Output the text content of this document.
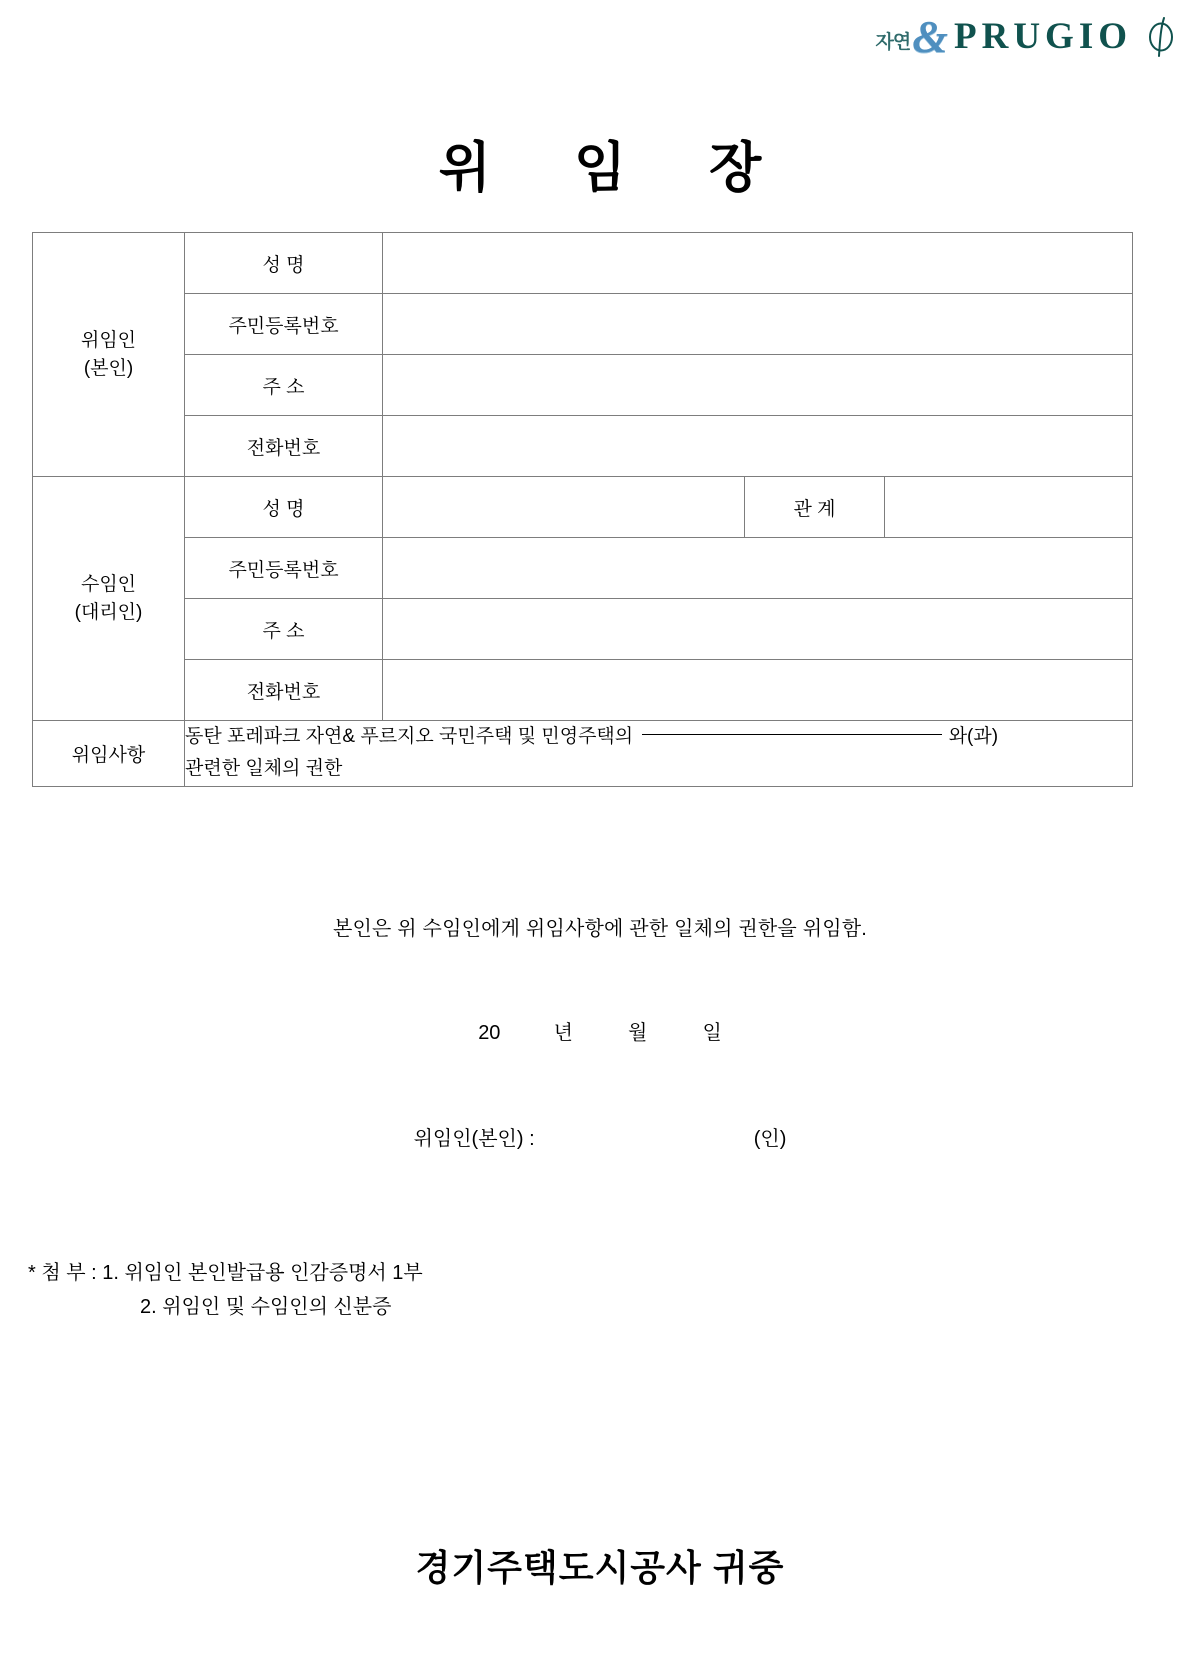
자연 & PRUGIO
위 임 장
위임인
(본인)	성 명			
	주민등록번호			
	주 소			
	전화번호			

수임인
(대리인)	성 명		관 계	
	주민등록번호			
	주 소			
	전화번호			
위임사항	동탄 포레파크 자연& 푸르지오 국민주택 및 민영주택의 와(과)
관련한 일체의 권한			
본인은 위 수임인에게 위임사항에 관한 일체의 권한을 위임함.
20	년	월	일
위임인(본인) :	(인)
* 첨 부 : 1. 위임인 본인발급용 인감증명서 1부
2. 위임인 및 수임인의 신분증
경기주택도시공사 귀중
